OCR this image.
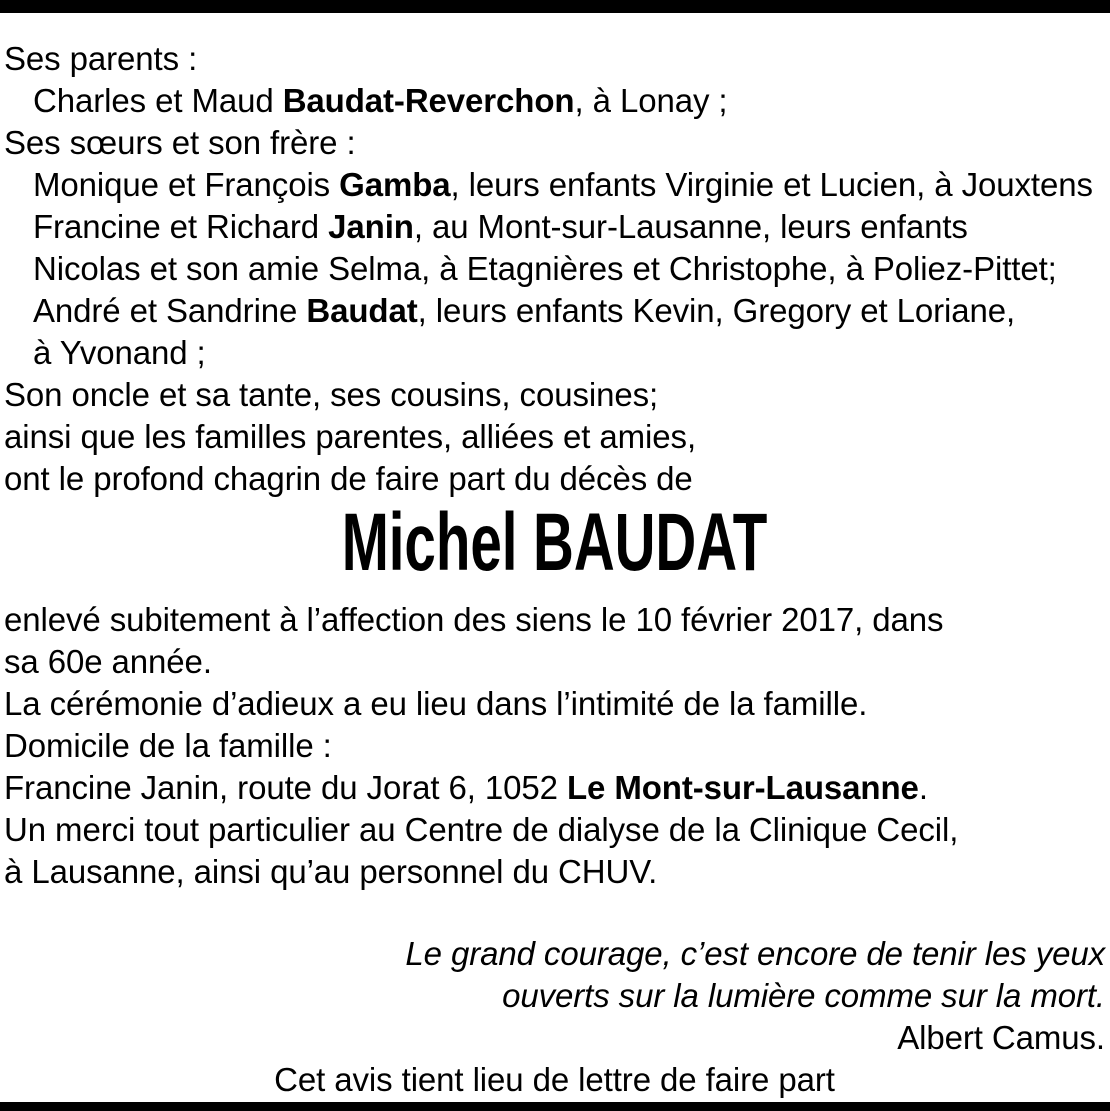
Ses parents :
Charles et Maud Baudat-Reverchon, à Lonay ;
Ses sœurs et son frère :
Monique et François Gamba, leurs enfants Virginie et Lucien, à Jouxtens
Francine et Richard Janin, au Mont-sur-Lausanne, leurs enfants
Nicolas et son amie Selma, à Etagnières et Christophe, à Poliez-Pittet;
André et Sandrine Baudat, leurs enfants Kevin, Gregory et Loriane,
à Yvonand ;
Son oncle et sa tante, ses cousins, cousines;
ainsi que les familles parentes, alliées et amies,
ont le profond chagrin de faire part du décès de
Michel BAUDAT
enlevé subitement à l’affection des siens le 10 février 2017, dans
sa 60e année.
La cérémonie d’adieux a eu lieu dans l’intimité de la famille.
Domicile de la famille :
Francine Janin, route du Jorat 6, 1052 Le Mont-sur-Lausanne.
Un merci tout particulier au Centre de dialyse de la Clinique Cecil,
à Lausanne, ainsi qu’au personnel du CHUV.
Le grand courage, c’est encore de tenir les yeux
ouverts sur la lumière comme sur la mort.
Albert Camus.
Cet avis tient lieu de lettre de faire part
